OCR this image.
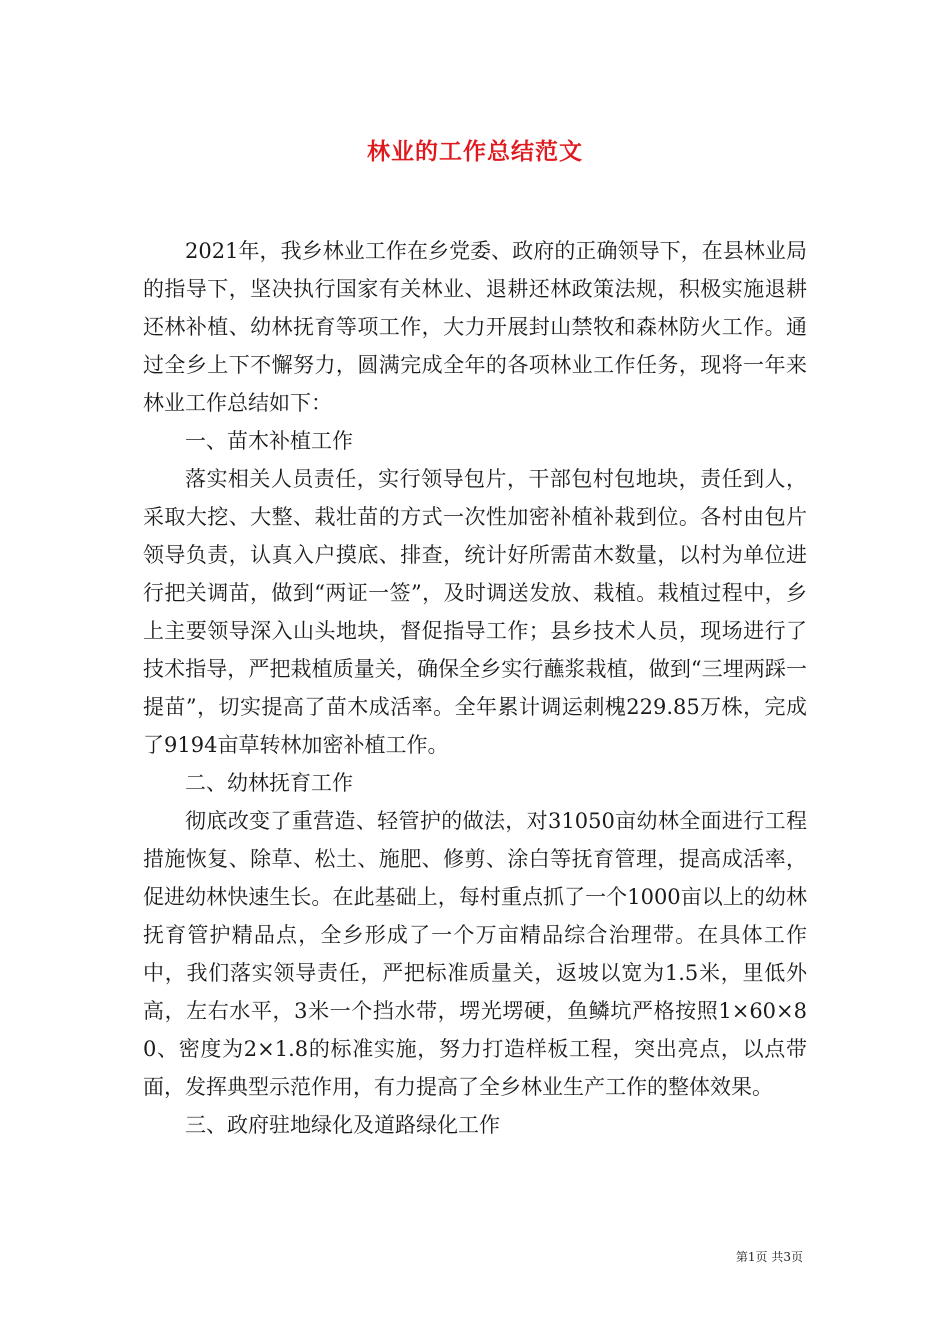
林业的工作总结范文

2021年，我乡林业工作在乡党委、政府的正确领导下，在县林业局的指导下，坚决执行国家有关林业、退耕还林政策法规，积极实施退耕还林补植、幼林抚育等项工作，大力开展封山禁牧和森林防火工作。通过全乡上下不懈努力，圆满完成全年的各项林业工作任务，现将一年来林业工作总结如下：

一、苗木补植工作

落实相关人员责任，实行领导包片，干部包村包地块，责任到人，采取大挖、大整、栽壮苗的方式一次性加密补植补栽到位。各村由包片领导负责，认真入户摸底、排查，统计好所需苗木数量，以村为单位进行把关调苗，做到“两证一签”，及时调送发放、栽植。栽植过程中，乡上主要领导深入山头地块，督促指导工作；县乡技术人员，现场进行了技术指导，严把栽植质量关，确保全乡实行蘸浆栽植，做到“三埋两踩一提苗”，切实提高了苗木成活率。全年累计调运刺槐229.85万株，完成了9194亩草转林加密补植工作。

二、幼林抚育工作

彻底改变了重营造、轻管护的做法，对31050亩幼林全面进行工程措施恢复、除草、松土、施肥、修剪、涂白等抚育管理，提高成活率，促进幼林快速生长。在此基础上，每村重点抓了一个1000亩以上的幼林抚育管护精品点，全乡形成了一个万亩精品综合治理带。在具体工作中，我们落实领导责任，严把标准质量关，返坡以宽为1.5米，里低外高，左右水平，3米一个挡水带，塄光塄硬，鱼鳞坑严格按照1×60×80、密度为2×1.8的标准实施，努力打造样板工程，突出亮点，以点带面，发挥典型示范作用，有力提高了全乡林业生产工作的整体效果。

三、政府驻地绿化及道路绿化工作

第1页 共3页
